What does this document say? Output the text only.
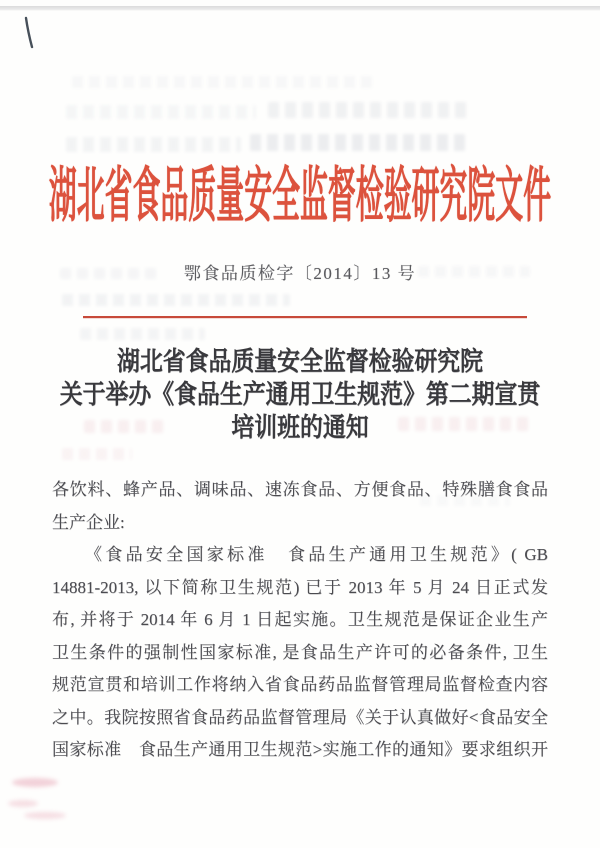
湖北省食品质量安全监督检验研究院文件
鄂食品质检字〔2014〕13 号
湖北省食品质量安全监督检验研究院
关于举办《食品生产通用卫生规范》第二期宣贯
培训班的通知
各饮料、蜂产品、调味品、速冻食品、方便食品、特殊膳食食品
生产企业:
《食品安全国家标准　食品生产通用卫生规范》( GB
14881-2013, 以下简称卫生规范) 已于 2013 年 5 月 24 日正式发
布, 并将于 2014 年 6 月 1 日起实施。卫生规范是保证企业生产
卫生条件的强制性国家标准, 是食品生产许可的必备条件, 卫生
规范宣贯和培训工作将纳入省食品药品监督管理局监督检查内容
之中。我院按照省食品药品监督管理局《关于认真做好<食品安全
国家标准　食品生产通用卫生规范>实施工作的通知》要求组织开
